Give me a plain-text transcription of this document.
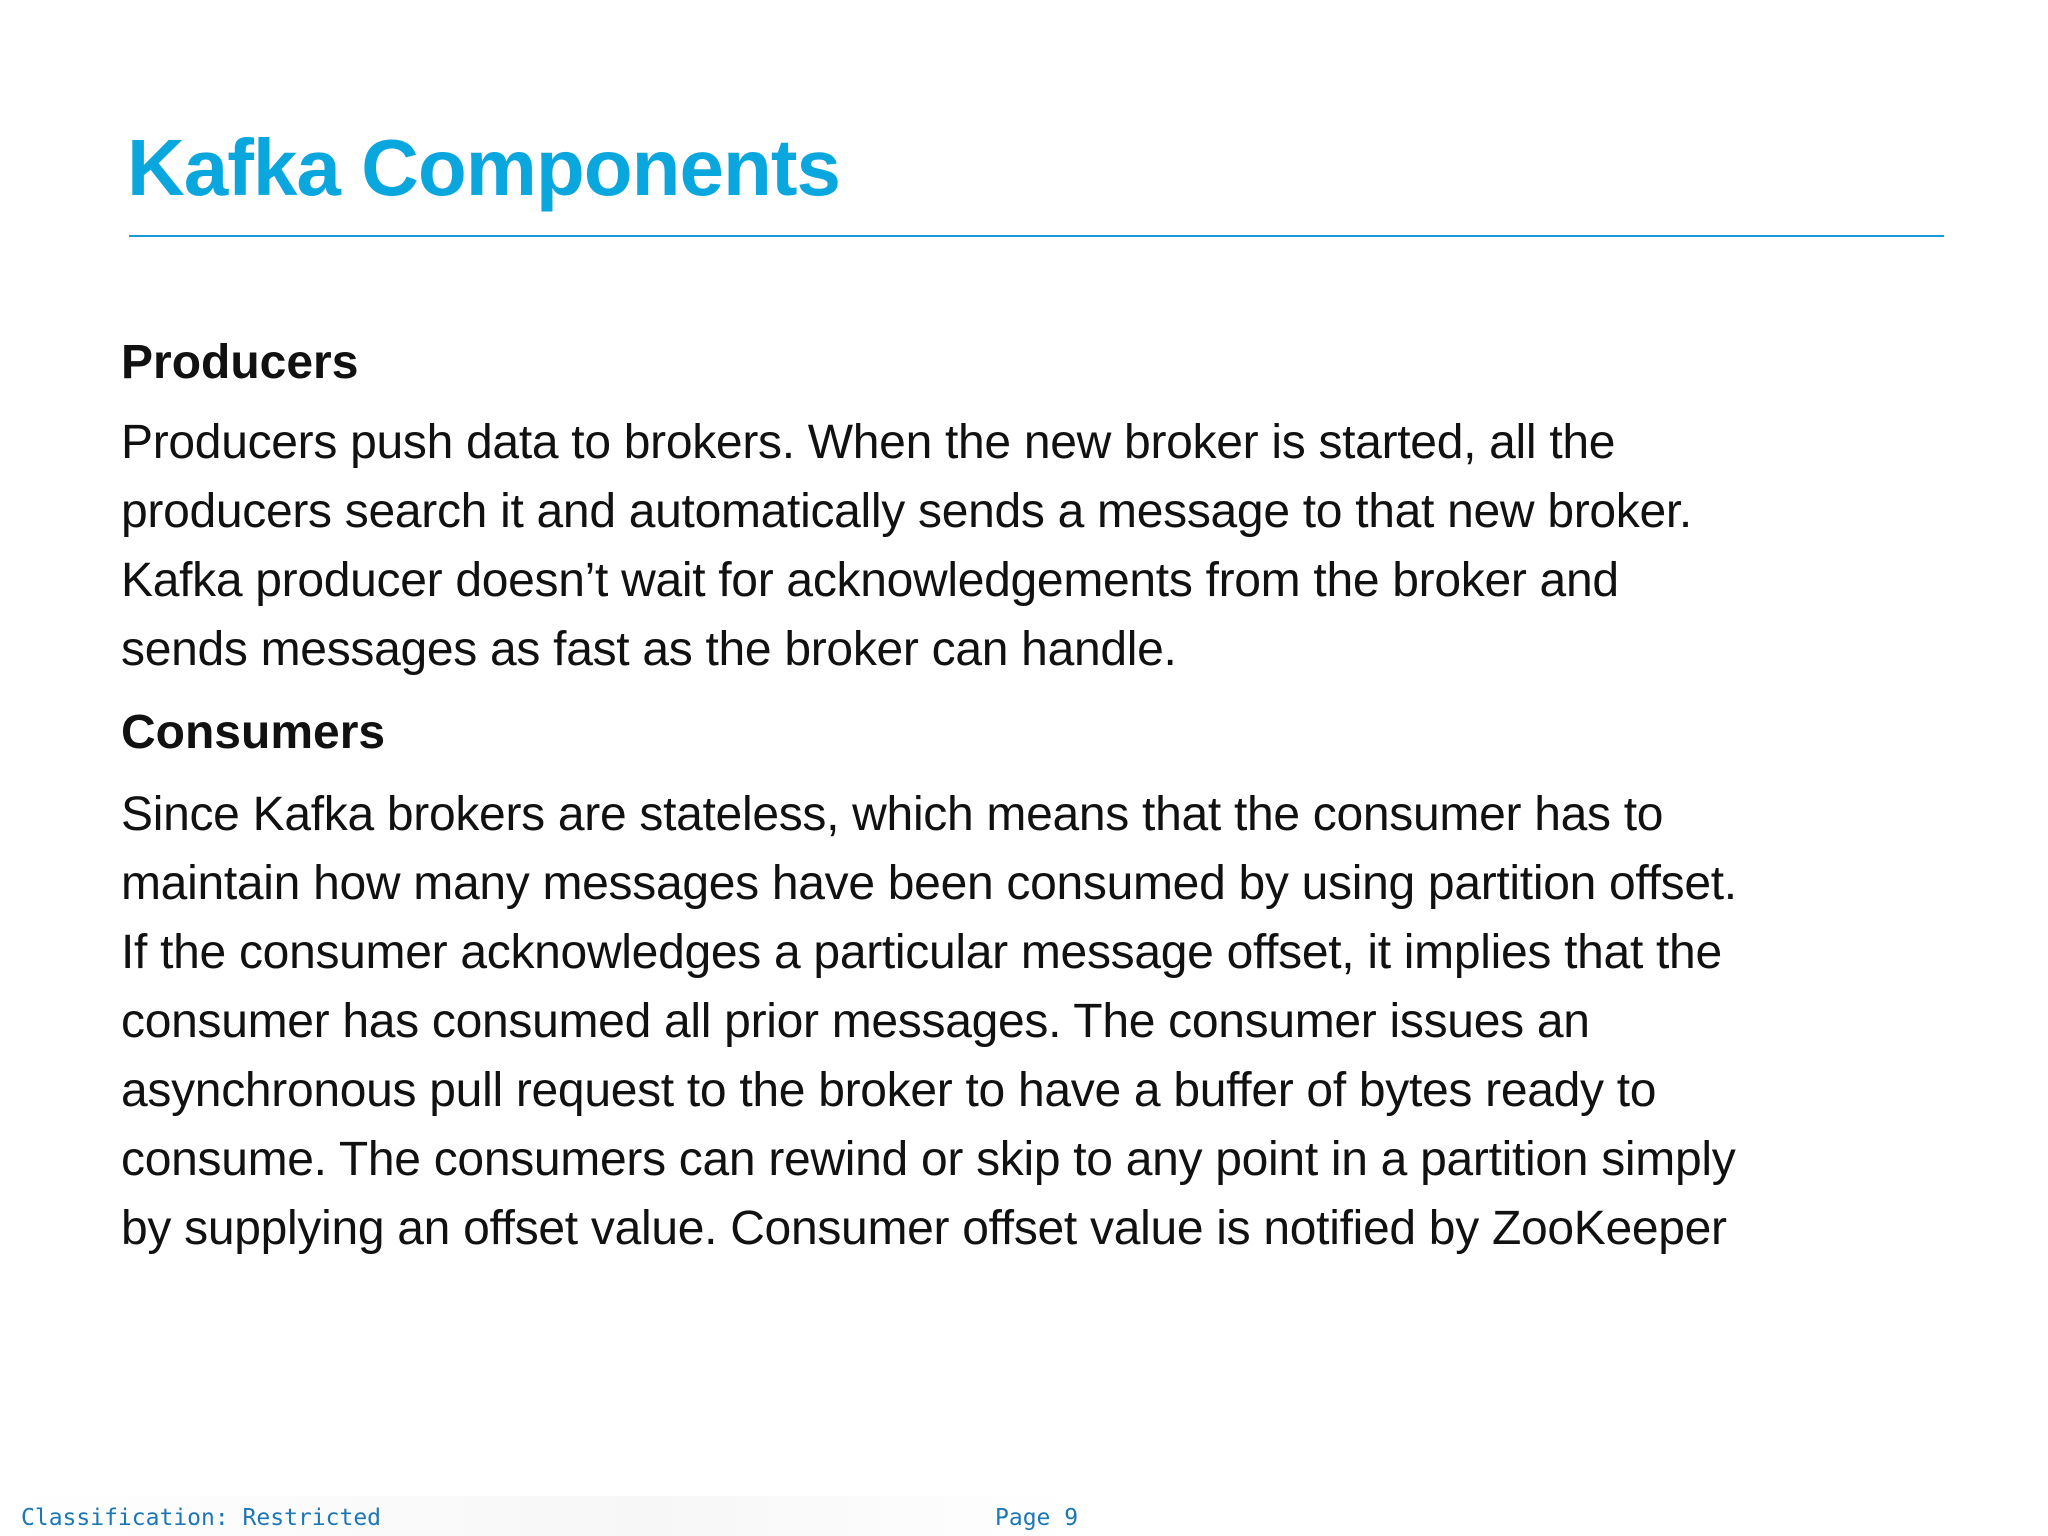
Kafka Components

Producers

Producers push data to brokers. When the new broker is started, all the

producers search it and automatically sends a message to that new broker.

Kafka producer doesn’t wait for acknowledgements from the broker and

sends messages as fast as the broker can handle.

Consumers

Since Kafka brokers are stateless, which means that the consumer has to

maintain how many messages have been consumed by using partition offset.

If the consumer acknowledges a particular message offset, it implies that the

consumer has consumed all prior messages. The consumer issues an

asynchronous pull request to the broker to have a buffer of bytes ready to

consume. The consumers can rewind or skip to any point in a partition simply

by supplying an offset value. Consumer offset value is notified by ZooKeeper

Classification: Restricted	Page 9
